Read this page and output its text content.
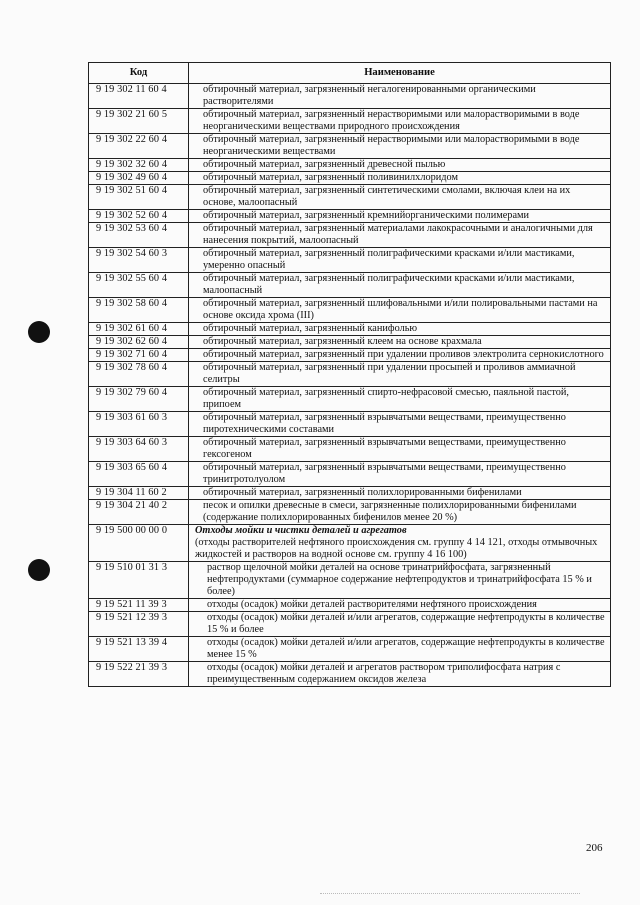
Код	Наименование
9 19 302 11 60 4	обтирочный материал, загрязненный негалогенированными органическими растворителями
9 19 302 21 60 5	обтирочный материал, загрязненный нерастворимыми или малорастворимыми в воде неорганическими веществами природного происхождения
9 19 302 22 60 4	обтирочный материал, загрязненный нерастворимыми или малорастворимыми в воде неорганическими веществами
9 19 302 32 60 4	обтирочный материал, загрязненный древесной пылью
9 19 302 49 60 4	обтирочный материал, загрязненный поливинилхлоридом
9 19 302 51 60 4	обтирочный материал, загрязненный синтетическими смолами, включая клеи на их основе, малоопасный
9 19 302 52 60 4	обтирочный материал, загрязненный кремнийорганическими полимерами
9 19 302 53 60 4	обтирочный материал, загрязненный материалами лакокрасочными и аналогичными для нанесения покрытий, малоопасный
9 19 302 54 60 3	обтирочный материал, загрязненный полиграфическими красками и/или мастиками, умеренно опасный
9 19 302 55 60 4	обтирочный материал, загрязненный полиграфическими красками и/или мастиками, малоопасный
9 19 302 58 60 4	обтирочный материал, загрязненный шлифовальными и/или полировальными пастами на основе оксида хрома (III)
9 19 302 61 60 4	обтирочный материал, загрязненный канифолью
9 19 302 62 60 4	обтирочный материал, загрязненный клеем на основе крахмала
9 19 302 71 60 4	обтирочный материал, загрязненный при удалении проливов электролита сернокислотного
9 19 302 78 60 4	обтирочный материал, загрязненный при удалении просыпей и проливов аммиачной селитры
9 19 302 79 60 4	обтирочный материал, загрязненный спирто-нефрасовой смесью, паяльной пастой, припоем
9 19 303 61 60 3	обтирочный материал, загрязненный взрывчатыми веществами, преимущественно пиротехническими составами
9 19 303 64 60 3	обтирочный материал, загрязненный взрывчатыми веществами, преимущественно гексогеном
9 19 303 65 60 4	обтирочный материал, загрязненный взрывчатыми веществами, преимущественно тринитротолуолом
9 19 304 11 60 2	обтирочный материал, загрязненный полихлорированными бифенилами
9 19 304 21 40 2	песок и опилки древесные в смеси, загрязненные полихлорированными бифенилами (содержание полихлорированных бифенилов менее 20 %)
9 19 500 00 00 0	Отходы мойки и чистки деталей и агрегатов
(отходы растворителей нефтяного происхождения см. группу 4 14 121, отходы отмывочных жидкостей и растворов на водной основе см. группу 4 16 100)

9 19 510 01 31 3	раствор щелочной мойки деталей на основе тринатрийфосфата, загрязненный нефтепродуктами (суммарное содержание нефтепродуктов и тринатрийфосфата 15 % и более)
9 19 521 11 39 3	отходы (осадок) мойки деталей растворителями нефтяного происхождения
9 19 521 12 39 3	отходы (осадок) мойки деталей и/или агрегатов, содержащие нефтепродукты в количестве 15 % и более
9 19 521 13 39 4	отходы (осадок) мойки деталей и/или агрегатов, содержащие нефтепродукты в количестве менее 15 %
9 19 522 21 39 3	отходы (осадок) мойки деталей и агрегатов раствором триполифосфата натрия с преимущественным содержанием оксидов железа
206
